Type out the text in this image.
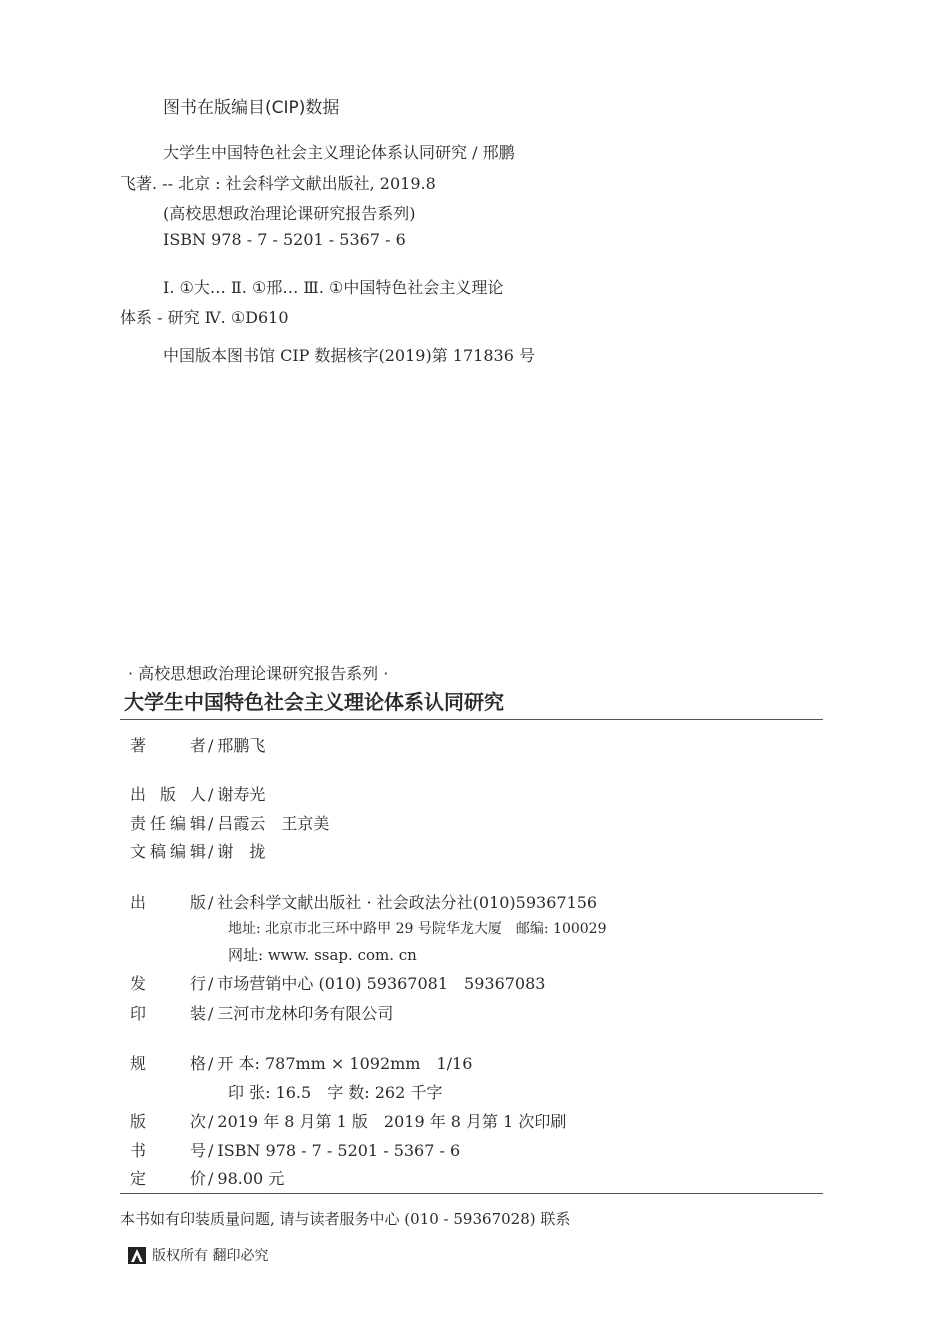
图书在版编目(CIP)数据
大学生中国特色社会主义理论体系认同研究 / 邢鹏
飞著. -- 北京 : 社会科学文献出版社, 2019.8
(高校思想政治理论课研究报告系列)
ISBN 978 - 7 - 5201 - 5367 - 6
Ⅰ. ①大… Ⅱ. ①邢… Ⅲ. ①中国特色社会主义理论
体系 - 研究 Ⅳ. ①D610
中国版本图书馆 CIP 数据核字(2019)第 171836 号
· 高校思想政治理论课研究报告系列 ·
大学生中国特色社会主义理论体系认同研究
著者 / 邢鹏飞
出版人 / 谢寿光
责任编辑 / 吕霞云　王京美
文稿编辑 / 谢　拢
出版 / 社会科学文献出版社 · 社会政法分社(010)59367156
地址: 北京市北三环中路甲 29 号院华龙大厦　邮编: 100029
网址: www. ssap. com. cn
发行 / 市场营销中心 (010) 59367081　59367083
印装 / 三河市龙林印务有限公司
规格 / 开 本: 787mm × 1092mm　1/16
印 张: 16.5　字 数: 262 千字
版次 / 2019 年 8 月第 1 版　2019 年 8 月第 1 次印刷
书号 / ISBN 978 - 7 - 5201 - 5367 - 6
定价 / 98.00 元
本书如有印装质量问题, 请与读者服务中心 (010 - 59367028) 联系
版权所有 翻印必究
